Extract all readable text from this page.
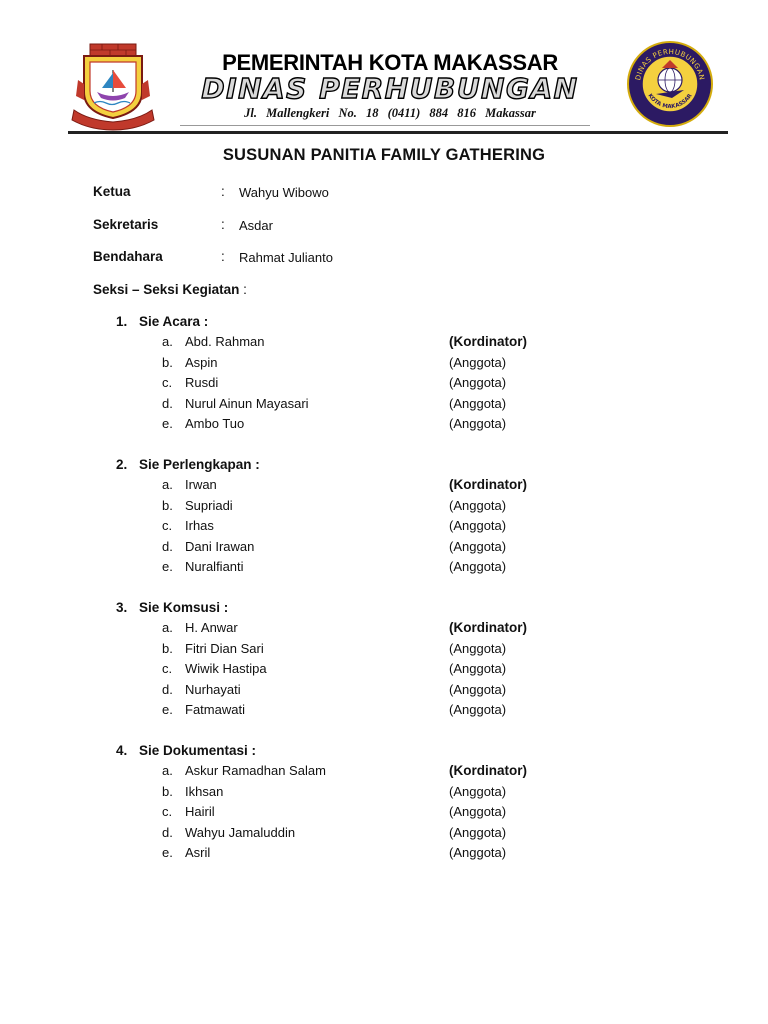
PEMERINTAH KOTA MAKASSAR
DINAS PERHUBUNGAN
Jl. Mallengkeri No. 18 (0411) 884 816 Makassar
DINAS PERHUBUNGAN
KOTA MAKASSAR
SUSUNAN PANITIA FAMILY GATHERING
Ketua	: Wahyu Wibowo
Sekretaris	: Asdar
Bendahara	: Rahmat Julianto
Seksi – Seksi Kegiatan :
1. Sie Acara :
a. Abd. Rahman	(Kordinator)
b. Aspin	(Anggota)
c. Rusdi	(Anggota)
d. Nurul Ainun Mayasari	(Anggota)
e. Ambo Tuo	(Anggota)
2. Sie Perlengkapan :
a. Irwan	(Kordinator)
b. Supriadi	(Anggota)
c. Irhas	(Anggota)
d. Dani Irawan	(Anggota)
e. Nuralfianti	(Anggota)
3. Sie Komsusi :
a. H. Anwar	(Kordinator)
b. Fitri Dian Sari	(Anggota)
c. Wiwik Hastipa	(Anggota)
d. Nurhayati	(Anggota)
e. Fatmawati	(Anggota)
4. Sie Dokumentasi :
a. Askur Ramadhan Salam	(Kordinator)
b. Ikhsan	(Anggota)
c. Hairil	(Anggota)
d. Wahyu Jamaluddin	(Anggota)
e. Asril	(Anggota)
